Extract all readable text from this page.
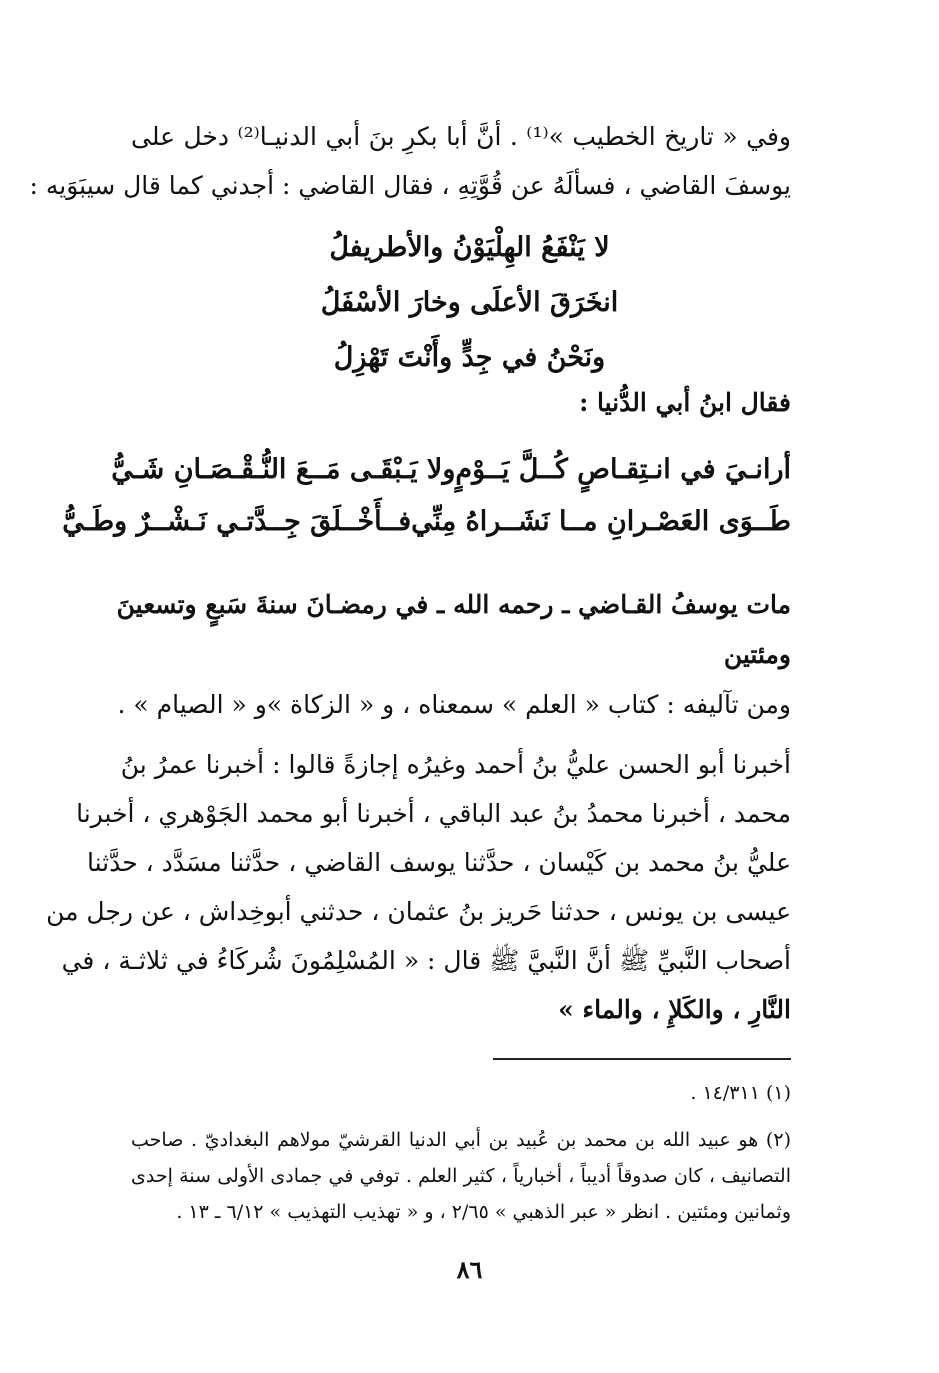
وفي « تاريخ الخطيب »⁽¹⁾ . أنَّ أبا بكرِ بنَ أبي الدنيـا⁽²⁾ دخل على
يوسفَ القاضي ، فسألَهُ عن قُوَّتِهِ ، فقال القاضي : أجدني كما قال سيبَوَيه :
لا يَنْفَعُ الهِلْيَوْنُ والأطريفلُ
انخَرَقَ الأعلَى وخارَ الأسْفَلُ
ونَحْنُ في جِدٍّ وأَنْتَ تَهْزِلُ
فقال ابنُ أبي الدُّنيا :
أرانـيَ في انـتِقـاصٍ كُــلَّ يَــوْمٍ
ولا يَـبْقَـى مَــعَ النُّـقْـصَـانِ شَـيُّ
طَــوَى العَصْـرانِ مــا نَشَــراهُ مِنِّي
فــأَخْــلَقَ جِــدَّتـي نَـشْــرٌ وطَـيُّ
مات يوسفُ القـاضي ـ رحمه الله ـ في رمضـانَ سنةَ سَبعٍ وتسعينَ
ومئتين
ومن تآليفه : كتاب « العلم » سمعناه ، و « الزكاة »و « الصيام » .
أخبرنا أبو الحسن عليُّ بنُ أحمد وغيرُه إجازةً قالوا : أخبرنا عمرُ بنُ
محمد ، أخبرنا محمدُ بنُ عبد الباقي ، أخبرنا أبو محمد الجَوْهري ، أخبرنا
عليُّ بنُ محمد بن كَيْسان ، حدَّثنا يوسف القاضي ، حدَّثنا مسَدَّد ، حدَّثنا
عيسى بن يونس ، حدثنا حَريز بنُ عثمان ، حدثني أبوخِداش ، عن رجل من
أصحاب النَّبيِّ ﷺ أنَّ النَّبيَّ ﷺ قال : « المُسْلِمُونَ شُركَاءُ في ثلاثـة ، في
النَّارِ ، والكَلإِ ، والماء »
(١) ١٤/٣١١ .
(٢) هو عبيد الله بن محمد بن عُبيد بن أبي الدنيا القرشيّ مولاهم البغداديّ . صاحب
التصانيف ، كان صدوقاً أديباً ، أخبارياً ، كثير العلم . توفي في جمادى الأولى سنة إحدى
وثمانين ومئتين . انظر « عبر الذهبي » ٢/٦٥ ، و « تهذيب التهذيب » ٦/١٢ ـ ١٣ .
٨٦
